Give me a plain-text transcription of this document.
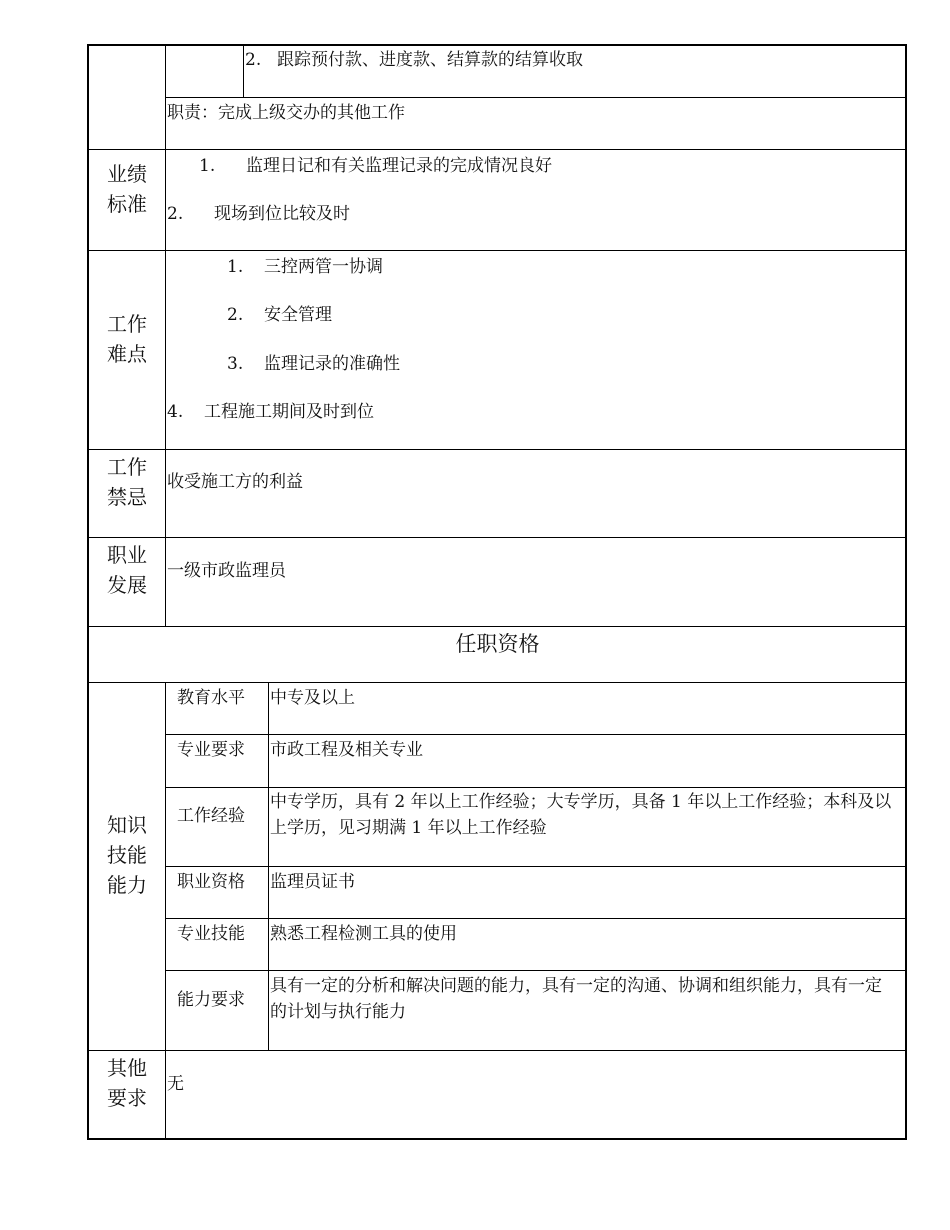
2. 跟踪预付款、进度款、结算款的结算收取
职责：完成上级交办的其他工作
业绩
标准
1. 监理日记和有关监理记录的完成情况良好
2. 现场到位比较及时
工作
难点
1. 三控两管一协调
2. 安全管理
3. 监理记录的准确性
4. 工程施工期间及时到位
工作
禁忌
收受施工方的利益
职业
发展
一级市政监理员
任职资格
知识
技能
能力
教育水平 中专及以上
专业要求 市政工程及相关专业
工作经验
中专学历，具有 2 年以上工作经验；大专学历，具备 1 年以上工作经验；本科及以上学历，见习期满 1 年以上工作经验
职业资格 监理员证书
专业技能 熟悉工程检测工具的使用
能力要求
具有一定的分析和解决问题的能力，具有一定的沟通、协调和组织能力，具有一定的计划与执行能力
其他
要求
无
